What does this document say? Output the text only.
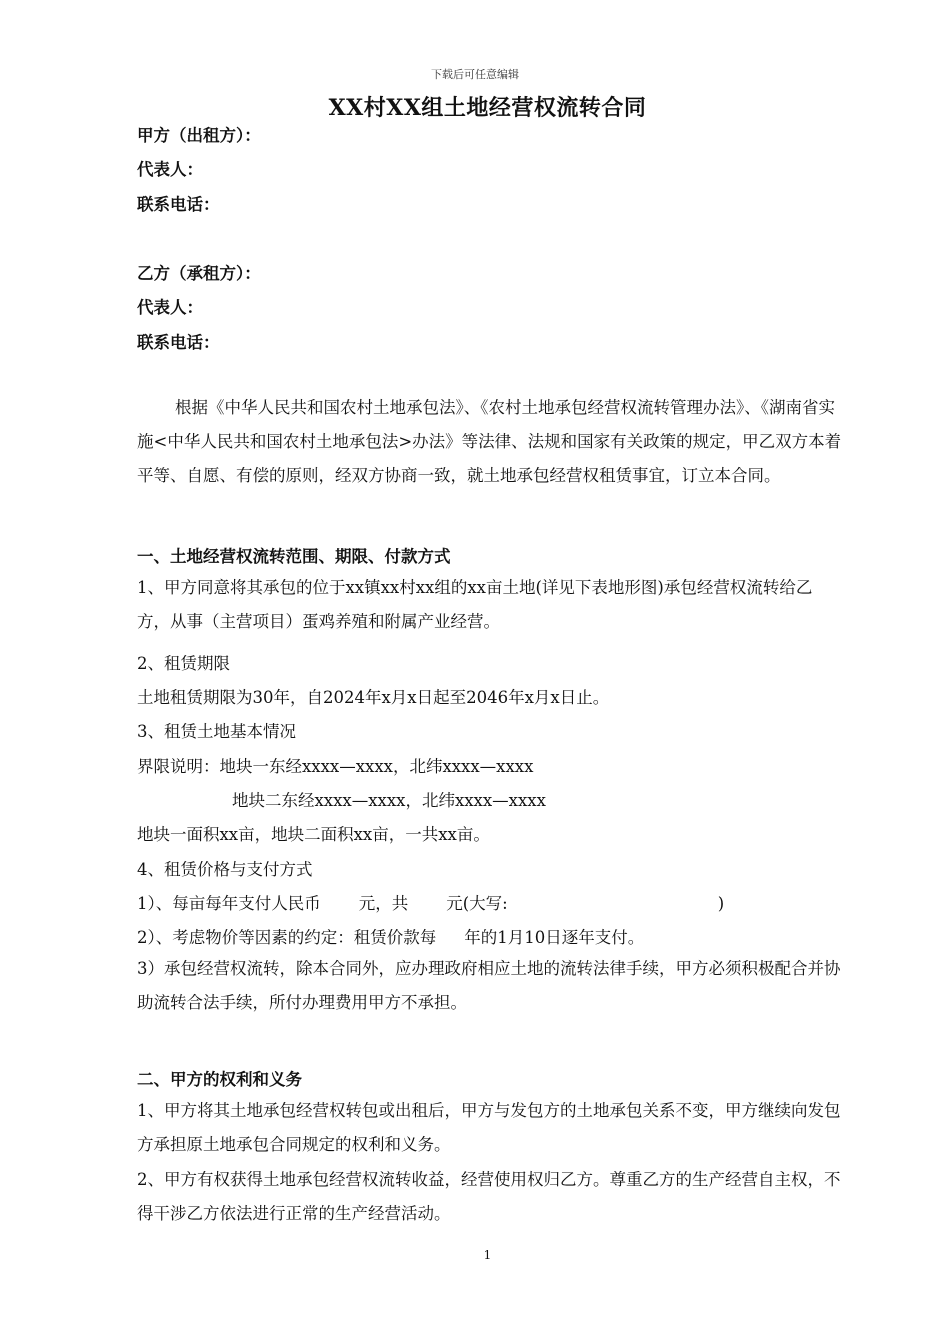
下载后可任意编辑
XX村XX组土地经营权流转合同
甲方（出租方）：
代表人：
联系电话：
乙方（承租方）：
代表人：
联系电话：
根据《中华人民共和国农村土地承包法》、《农村土地承包经营权流转管理办法》、《湖南省实施<中华人民共和国农村土地承包法>办法》等法律、法规和国家有关政策的规定，甲乙双方本着平等、自愿、有偿的原则，经双方协商一致，就土地承包经营权租赁事宜，订立本合同。
一、土地经营权流转范围、期限、付款方式
1、甲方同意将其承包的位于xx镇xx村xx组的xx亩土地(详见下表地形图)承包经营权流转给乙方，从事（主营项目）蛋鸡养殖和附属产业经营。
2、租赁期限
土地租赁期限为30年，自2024年x月x日起至2046年x月x日止。
3、租赁土地基本情况
界限说明：地块一东经xxxx—xxxx，北纬xxxx—xxxx
地块二东经xxxx—xxxx，北纬xxxx—xxxx
地块一面积xx亩，地块二面积xx亩，一共xx亩。
4、租赁价格与支付方式
1）、每亩每年支付人民币 元，共 元(大写:	)
2）、考虑物价等因素的约定：租赁价款每 年的1月10日逐年支付。
3）承包经营权流转，除本合同外，应办理政府相应土地的流转法律手续，甲方必须积极配合并协助流转合法手续，所付办理费用甲方不承担。
二、甲方的权利和义务
1、甲方将其土地承包经营权转包或出租后，甲方与发包方的土地承包关系不变，甲方继续向发包方承担原土地承包合同规定的权利和义务。
2、甲方有权获得土地承包经营权流转收益，经营使用权归乙方。尊重乙方的生产经营自主权，不得干涉乙方依法进行正常的生产经营活动。
1
